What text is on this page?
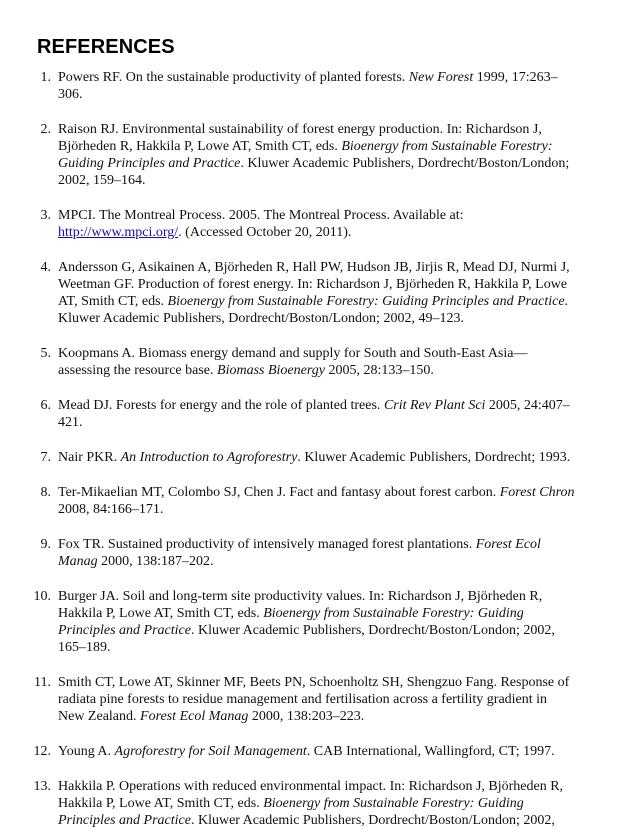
REFERENCES
1. Powers RF. On the sustainable productivity of planted forests. New Forest 1999, 17:263–306.
2. Raison RJ. Environmental sustainability of forest energy production. In: Richardson J, Björheden R, Hakkila P, Lowe AT, Smith CT, eds. Bioenergy from Sustainable Forestry: Guiding Principles and Practice. Kluwer Academic Publishers, Dordrecht/Boston/London; 2002, 159–164.
3. MPCI. The Montreal Process. 2005. The Montreal Process. Available at: http://www.mpci.org/. (Accessed October 20, 2011).
4. Andersson G, Asikainen A, Björheden R, Hall PW, Hudson JB, Jirjis R, Mead DJ, Nurmi J, Weetman GF. Production of forest energy. In: Richardson J, Björheden R, Hakkila P, Lowe AT, Smith CT, eds. Bioenergy from Sustainable Forestry: Guiding Principles and Practice. Kluwer Academic Publishers, Dordrecht/Boston/London; 2002, 49–123.
5. Koopmans A. Biomass energy demand and supply for South and South-East Asia—assessing the resource base. Biomass Bioenergy 2005, 28:133–150.
6. Mead DJ. Forests for energy and the role of planted trees. Crit Rev Plant Sci 2005, 24:407–421.
7. Nair PKR. An Introduction to Agroforestry. Kluwer Academic Publishers, Dordrecht; 1993.
8. Ter-Mikaelian MT, Colombo SJ, Chen J. Fact and fantasy about forest carbon. Forest Chron 2008, 84:166–171.
9. Fox TR. Sustained productivity of intensively managed forest plantations. Forest Ecol Manag 2000, 138:187–202.
10. Burger JA. Soil and long-term site productivity values. In: Richardson J, Björheden R, Hakkila P, Lowe AT, Smith CT, eds. Bioenergy from Sustainable Forestry: Guiding Principles and Practice. Kluwer Academic Publishers, Dordrecht/Boston/London; 2002, 165–189.
11. Smith CT, Lowe AT, Skinner MF, Beets PN, Schoenholtz SH, Shengzuo Fang. Response of radiata pine forests to residue management and fertilisation across a fertility gradient in New Zealand. Forest Ecol Manag 2000, 138:203–223.
12. Young A. Agroforestry for Soil Management. CAB International, Wallingford, CT; 1997.
13. Hakkila P. Operations with reduced environmental impact. In: Richardson J, Björheden R, Hakkila P, Lowe AT, Smith CT, eds. Bioenergy from Sustainable Forestry: Guiding Principles and Practice. Kluwer Academic Publishers, Dordrecht/Boston/London; 2002,
